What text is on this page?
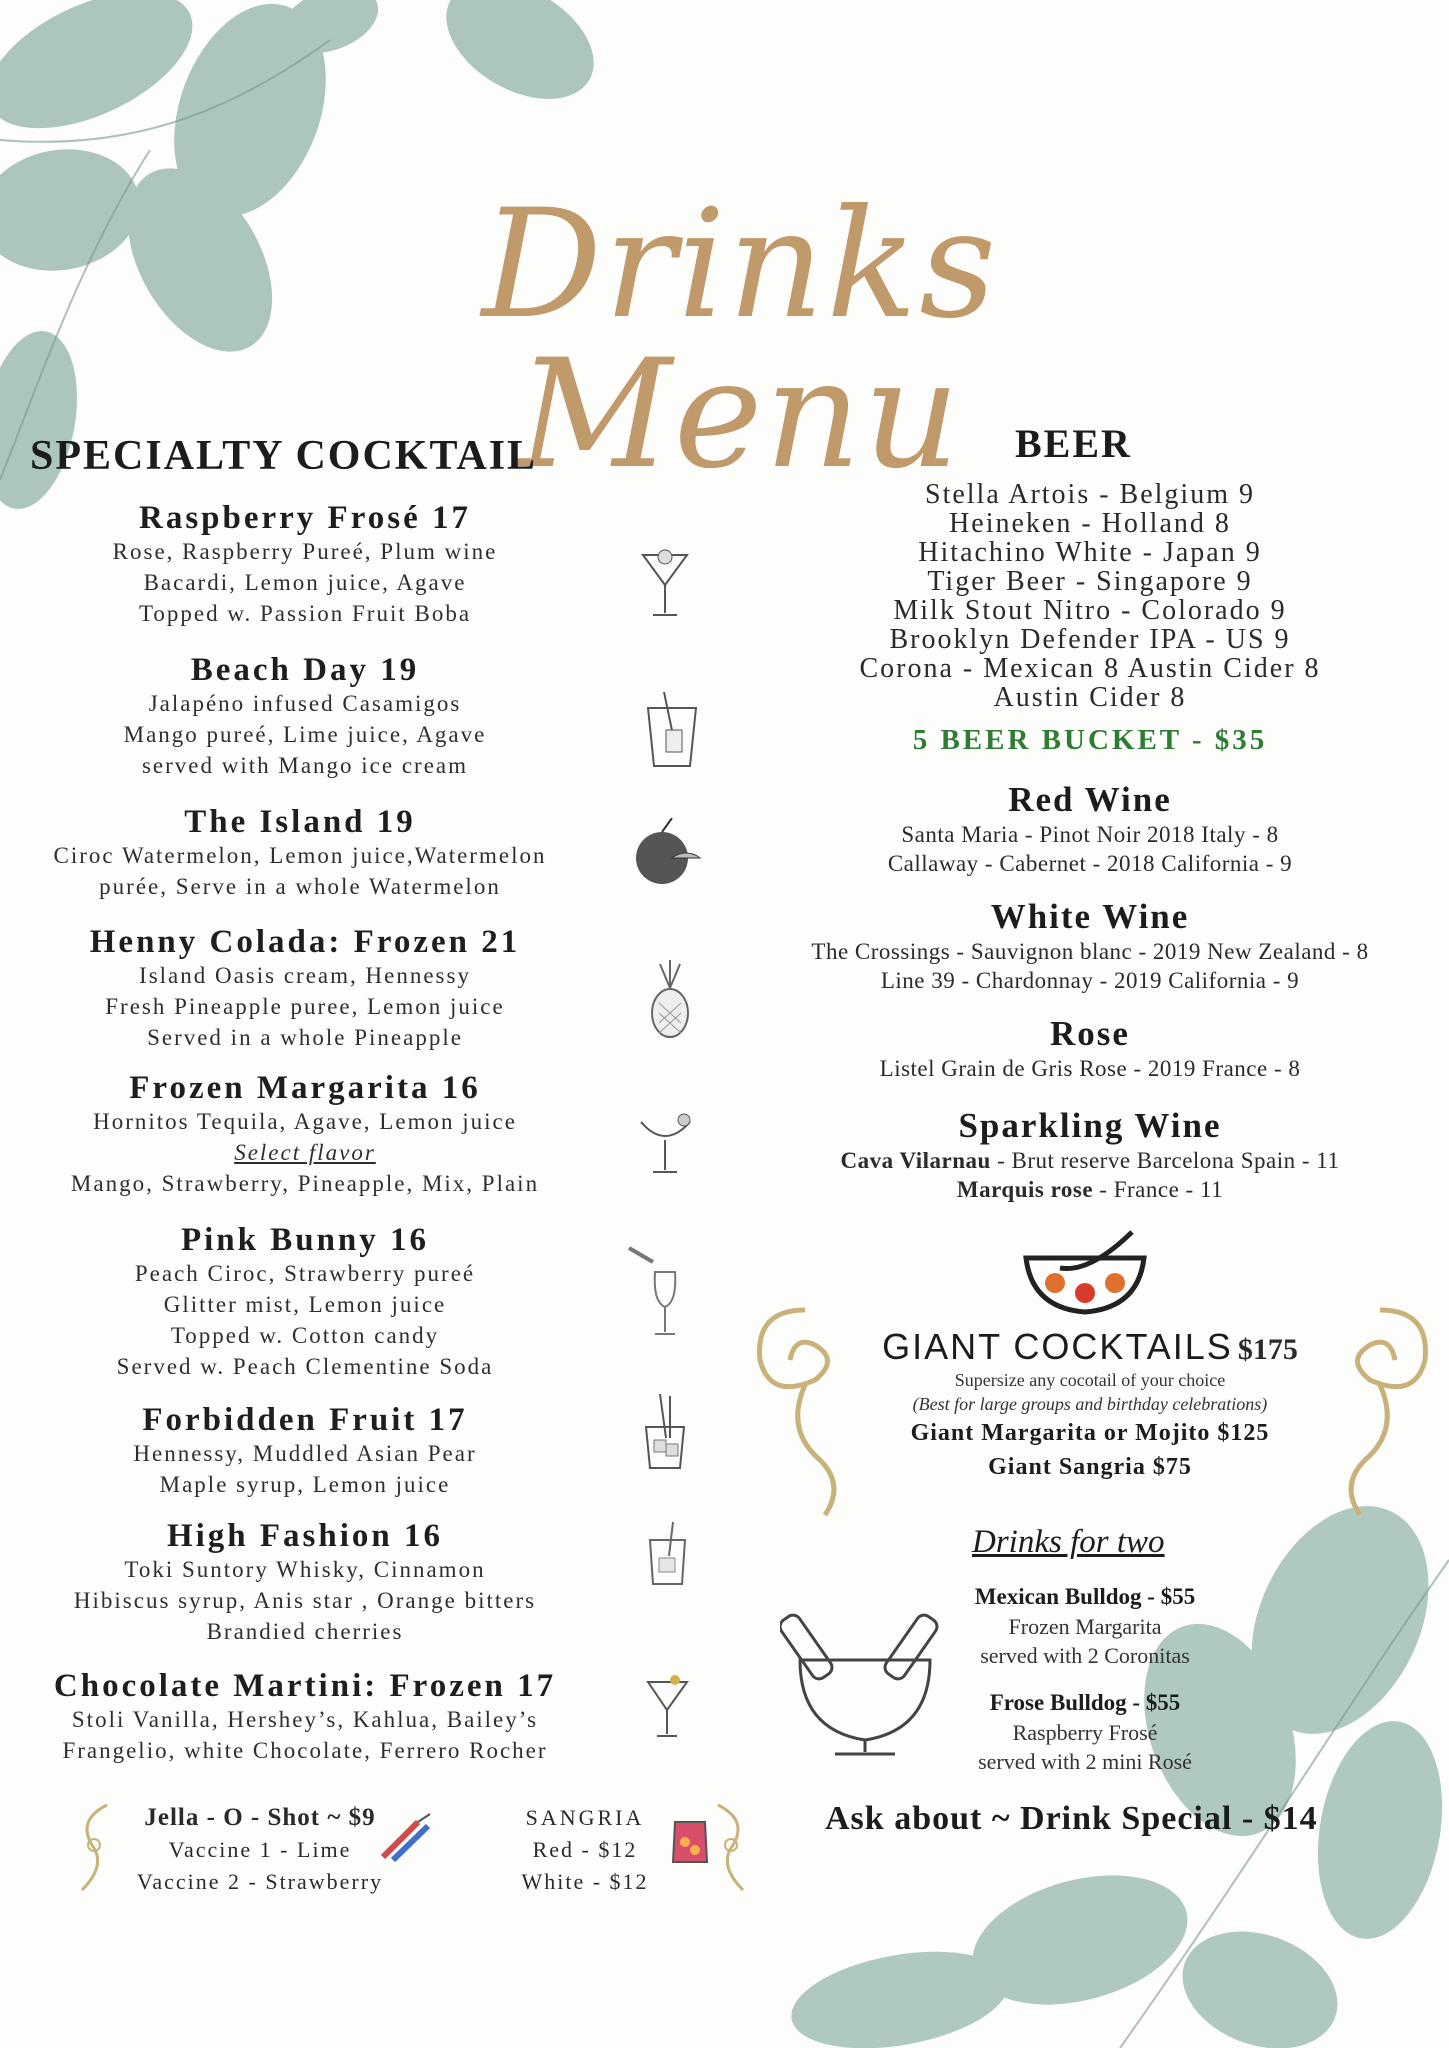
Drinks Menu
SPECIALTY COCKTAIL
Raspberry Frosé 17
Rose, Raspberry Pureé, Plum wine
Bacardi, Lemon juice, Agave
Topped w. Passion Fruit Boba
Beach Day 19
Jalapéno infused Casamigos
Mango pureé, Lime juice, Agave
served with Mango ice cream
The Island 19
Ciroc Watermelon, Lemon juice,Watermelon
purée, Serve in a whole Watermelon
Henny Colada: Frozen 21
Island Oasis cream, Hennessy
Fresh Pineapple puree, Lemon juice
Served in a whole Pineapple
Frozen Margarita 16
Hornitos Tequila, Agave, Lemon juice
Select flavor
Mango, Strawberry, Pineapple, Mix, Plain
Pink Bunny 16
Peach Ciroc, Strawberry pureé
Glitter mist, Lemon juice
Topped w. Cotton candy
Served w. Peach Clementine Soda
Forbidden Fruit 17
Hennessy, Muddled Asian Pear
Maple syrup, Lemon juice
High Fashion 16
Toki Suntory Whisky, Cinnamon
Hibiscus syrup, Anis star , Orange bitters
Brandied cherries
Chocolate Martini: Frozen 17
Stoli Vanilla, Hershey’s, Kahlua, Bailey’s
Frangelio, white Chocolate, Ferrero Rocher
Jella - O - Shot ~ $9
Vaccine 1 - Lime
Vaccine 2 - Strawberry
SANGRIA
Red - $12
White - $12
BEER
Stella Artois - Belgium 9
Heineken - Holland 8
Hitachino White - Japan 9
Tiger Beer - Singapore 9
Milk Stout Nitro - Colorado 9
Brooklyn Defender IPA - US 9
Corona - Mexican 8 Austin Cider 8
Austin Cider 8
5 BEER BUCKET - $35
Red Wine
Santa Maria - Pinot Noir 2018 Italy - 8
Callaway - Cabernet - 2018 California - 9
White Wine
The Crossings - Sauvignon blanc - 2019 New Zealand - 8
Line 39 - Chardonnay - 2019 California - 9
Rose
Listel Grain de Gris Rose - 2019 France - 8
Sparkling Wine
Cava Vilarnau - Brut reserve Barcelona Spain - 11
Marquis rose - France - 11
GIANT COCKTAILS $175
Supersize any cocotail of your choice
(Best for large groups and birthday celebrations)
Giant Margarita or Mojito $125
Giant Sangria $75
Drinks for two
Mexican Bulldog - $55
Frozen Margarita
served with 2 Coronitas
Frose Bulldog - $55
Raspberry Frosé
served with 2 mini Rosé
Ask about ~ Drink Special - $14
